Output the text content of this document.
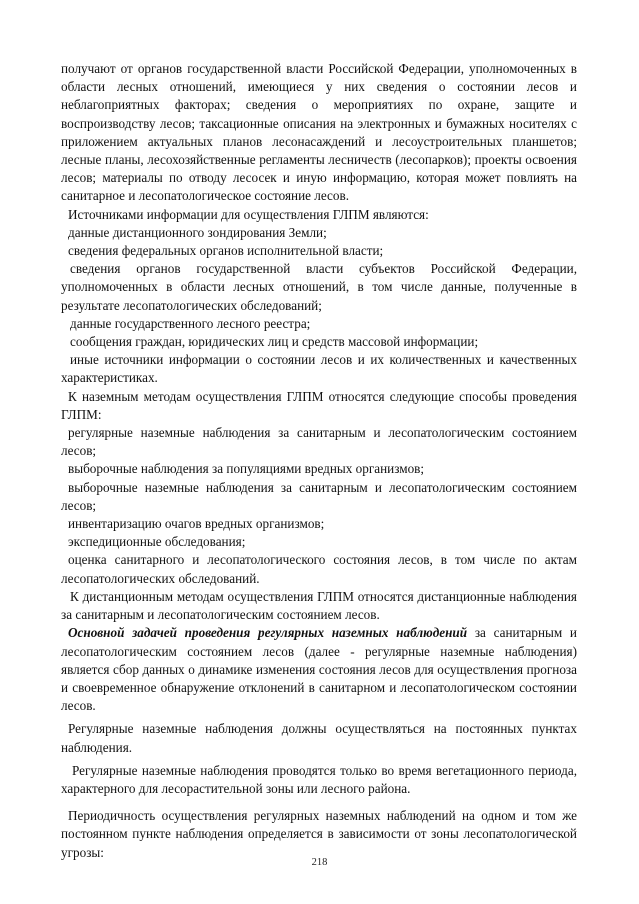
получают от органов государственной власти Российской Федерации, уполномоченных в области лесных отношений, имеющиеся у них сведения о состоянии лесов и неблагоприятных факторах; сведения о мероприятиях по охране, защите и воспроизводству лесов; таксационные описания на электронных и бумажных носителях с приложением актуальных планов лесонасаждений и лесоустроительных планшетов; лесные планы, лесохозяйственные регламенты лесничеств (лесопарков); проекты освоения лесов; материалы по отводу лесосек и иную информацию, которая может повлиять на санитарное и лесопатологическое состояние лесов.

Источниками информации для осуществления ГЛПМ являются:

данные дистанционного зондирования Земли;

сведения федеральных органов исполнительной власти;

сведения органов государственной власти субъектов Российской Федерации, уполномоченных в области лесных отношений, в том числе данные, полученные в результате лесопатологических обследований;

данные государственного лесного реестра;

сообщения граждан, юридических лиц и средств массовой информации;

иные источники информации о состоянии лесов и их количественных и качественных характеристиках.

К наземным методам осуществления ГЛПМ относятся следующие способы проведения ГЛПМ:

регулярные наземные наблюдения за санитарным и лесопатологическим состоянием лесов;

выборочные наблюдения за популяциями вредных организмов;

выборочные наземные наблюдения за санитарным и лесопатологическим состоянием лесов;

инвентаризацию очагов вредных организмов;

экспедиционные обследования;

оценка санитарного и лесопатологического состояния лесов, в том числе по актам лесопатологических обследований.

К дистанционным методам осуществления ГЛПМ относятся дистанционные наблюдения за санитарным и лесопатологическим состоянием лесов.

Основной задачей проведения регулярных наземных наблюдений за санитарным и лесопатологическим состоянием лесов (далее - регулярные наземные наблюдения) является сбор данных о динамике изменения состояния лесов для осуществления прогноза и своевременное обнаружение отклонений в санитарном и лесопатологическом состоянии лесов.

Регулярные наземные наблюдения должны осуществляться на постоянных пунктах наблюдения.

Регулярные наземные наблюдения проводятся только во время вегетационного периода, характерного для лесорастительной зоны или лесного района.

Периодичность осуществления регулярных наземных наблюдений на одном и том же постоянном пункте наблюдения определяется в зависимости от зоны лесопатологической угрозы:

218
